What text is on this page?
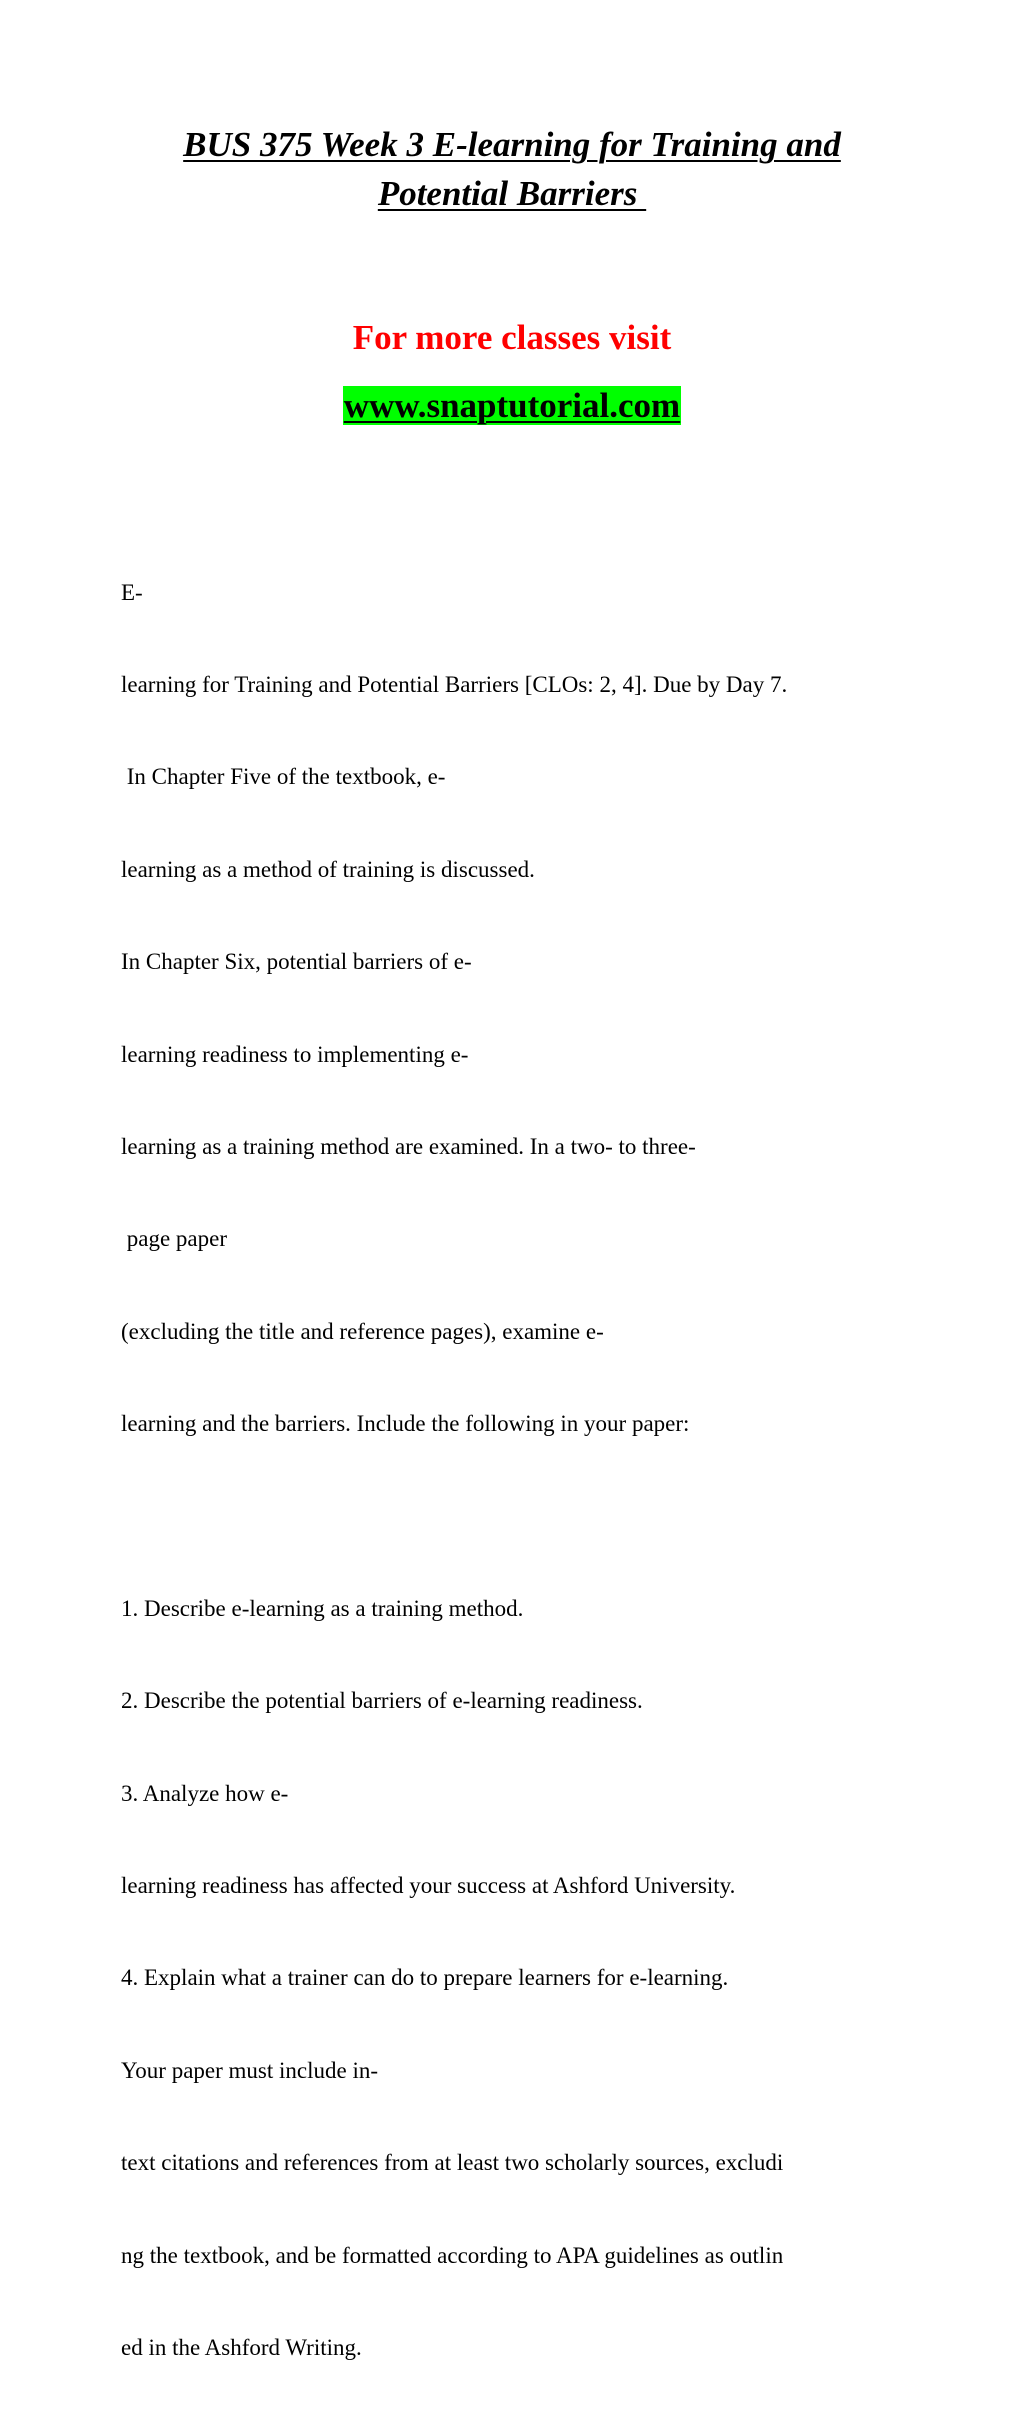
BUS 375 Week 3 E-learning for Training and
Potential Barriers
For more classes visit
www.snaptutorial.com

E-

learning for Training and Potential Barriers [CLOs: 2, 4]. Due by Day 7.

In Chapter Five of the textbook, e-

learning as a method of training is discussed.

In Chapter Six, potential barriers of e-

learning readiness to implementing e-

learning as a training method are examined. In a two- to three-

page paper

(excluding the title and reference pages), examine e-

learning and the barriers. Include the following in your paper:

1. Describe e-learning as a training method.

2. Describe the potential barriers of e-learning readiness.

3. Analyze how e-

learning readiness has affected your success at Ashford University.

4. Explain what a trainer can do to prepare learners for e-learning.

Your paper must include in-

text citations and references from at least two scholarly sources, excludi

ng the textbook, and be formatted according to APA guidelines as outlin

ed in the Ashford Writing.
